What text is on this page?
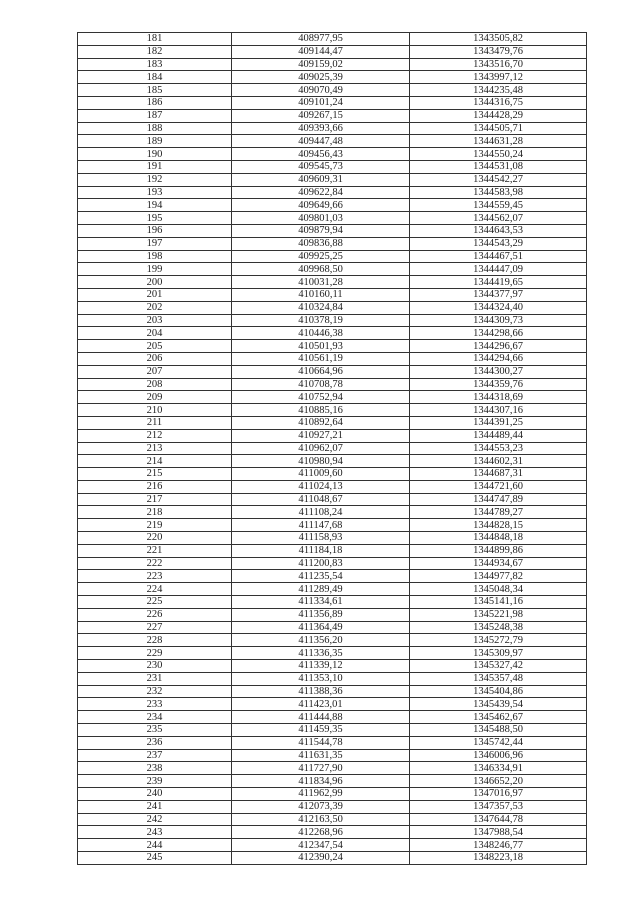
181	408977,95	1343505,82
182	409144,47	1343479,76
183	409159,02	1343516,70
184	409025,39	1343997,12
185	409070,49	1344235,48
186	409101,24	1344316,75
187	409267,15	1344428,29
188	409393,66	1344505,71
189	409447,48	1344631,28
190	409456,43	1344550,24
191	409545,73	1344531,08
192	409609,31	1344542,27
193	409622,84	1344583,98
194	409649,66	1344559,45
195	409801,03	1344562,07
196	409879,94	1344643,53
197	409836,88	1344543,29
198	409925,25	1344467,51
199	409968,50	1344447,09
200	410031,28	1344419,65
201	410160,11	1344377,97
202	410324,84	1344324,40
203	410378,19	1344309,73
204	410446,38	1344298,66
205	410501,93	1344296,67
206	410561,19	1344294,66
207	410664,96	1344300,27
208	410708,78	1344359,76
209	410752,94	1344318,69
210	410885,16	1344307,16
211	410892,64	1344391,25
212	410927,21	1344489,44
213	410962,07	1344553,23
214	410980,94	1344602,31
215	411009,60	1344687,31
216	411024,13	1344721,60
217	411048,67	1344747,89
218	411108,24	1344789,27
219	411147,68	1344828,15
220	411158,93	1344848,18
221	411184,18	1344899,86
222	411200,83	1344934,67
223	411235,54	1344977,82
224	411289,49	1345048,34
225	411334,61	1345141,16
226	411356,89	1345221,98
227	411364,49	1345248,38
228	411356,20	1345272,79
229	411336,35	1345309,97
230	411339,12	1345327,42
231	411353,10	1345357,48
232	411388,36	1345404,86
233	411423,01	1345439,54
234	411444,88	1345462,67
235	411459,35	1345488,50
236	411544,78	1345742,44
237	411631,35	1346006,96
238	411727,90	1346334,91
239	411834,96	1346652,20
240	411962,99	1347016,97
241	412073,39	1347357,53
242	412163,50	1347644,78
243	412268,96	1347988,54
244	412347,54	1348246,77
245	412390,24	1348223,18
